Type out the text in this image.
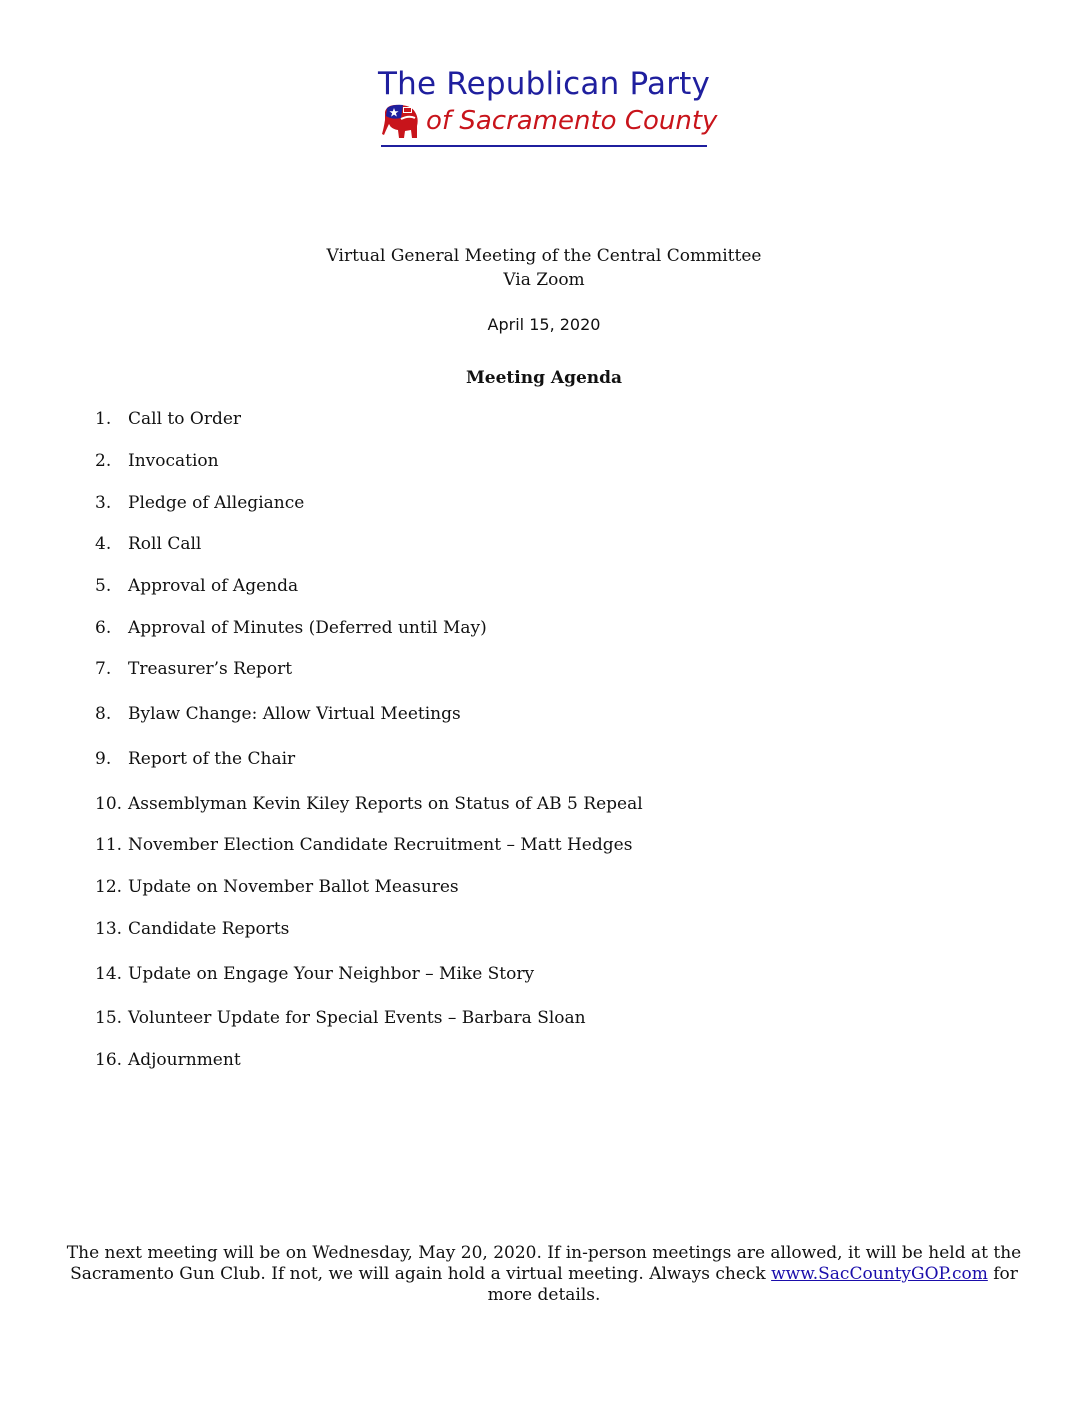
The Republican Party
of Sacramento County
Virtual General Meeting of the Central Committee
Via Zoom
April 15, 2020
Meeting Agenda
1. Call to Order
2. Invocation
3. Pledge of Allegiance
4. Roll Call
5. Approval of Agenda
6. Approval of Minutes (Deferred until May)
7. Treasurer’s Report
8. Bylaw Change: Allow Virtual Meetings
9. Report of the Chair
10. Assemblyman Kevin Kiley Reports on Status of AB 5 Repeal
11. November Election Candidate Recruitment – Matt Hedges
12. Update on November Ballot Measures
13. Candidate Reports
14. Update on Engage Your Neighbor – Mike Story
15. Volunteer Update for Special Events – Barbara Sloan
16. Adjournment
The next meeting will be on Wednesday, May 20, 2020. If in-person meetings are allowed, it will be held at the
Sacramento Gun Club. If not, we will again hold a virtual meeting. Always check www.SacCountyGOP.com for
more details.
